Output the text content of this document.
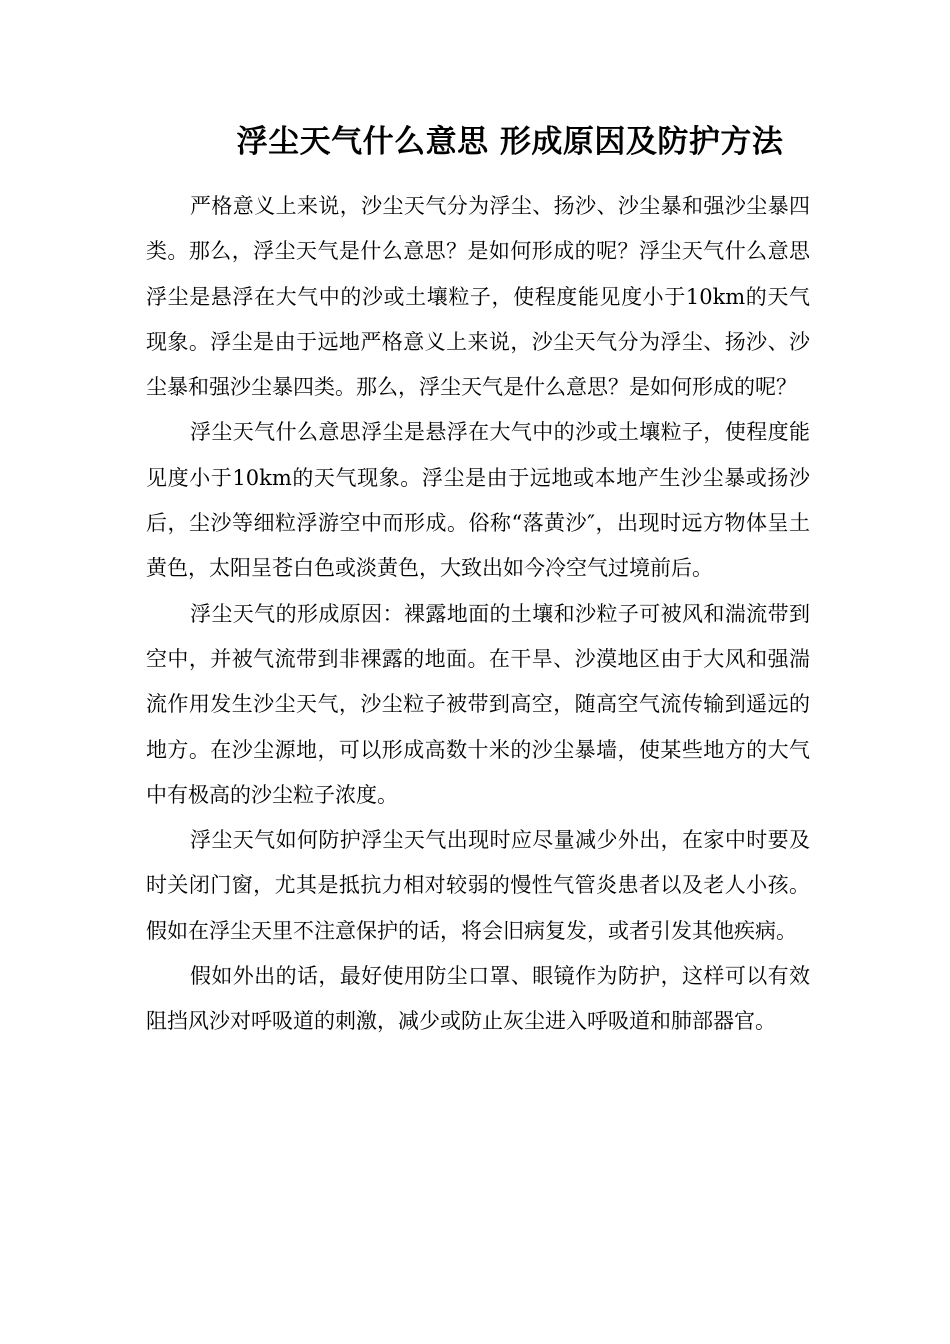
浮尘天气什么意思 形成原因及防护方法

严格意义上来说，沙尘天气分为浮尘、扬沙、沙尘暴和强沙尘暴四类。那么，浮尘天气是什么意思？是如何形成的呢？浮尘天气什么意思浮尘是悬浮在大气中的沙或土壤粒子，使程度能见度小于10km的天气现象。浮尘是由于远地严格意义上来说，沙尘天气分为浮尘、扬沙、沙尘暴和强沙尘暴四类。那么，浮尘天气是什么意思？是如何形成的呢？

浮尘天气什么意思浮尘是悬浮在大气中的沙或土壤粒子，使程度能见度小于10km的天气现象。浮尘是由于远地或本地产生沙尘暴或扬沙后，尘沙等细粒浮游空中而形成。俗称“落黄沙″，出现时远方物体呈土黄色，太阳呈苍白色或淡黄色，大致出如今冷空气过境前后。

浮尘天气的形成原因：裸露地面的土壤和沙粒子可被风和湍流带到空中，并被气流带到非裸露的地面。在干旱、沙漠地区由于大风和强湍流作用发生沙尘天气，沙尘粒子被带到高空，随高空气流传输到遥远的地方。在沙尘源地，可以形成高数十米的沙尘暴墙，使某些地方的大气中有极高的沙尘粒子浓度。

浮尘天气如何防护浮尘天气出现时应尽量减少外出，在家中时要及时关闭门窗，尤其是抵抗力相对较弱的慢性气管炎患者以及老人小孩。假如在浮尘天里不注意保护的话，将会旧病复发，或者引发其他疾病。

假如外出的话，最好使用防尘口罩、眼镜作为防护，这样可以有效阻挡风沙对呼吸道的刺激，减少或防止灰尘进入呼吸道和肺部器官。
